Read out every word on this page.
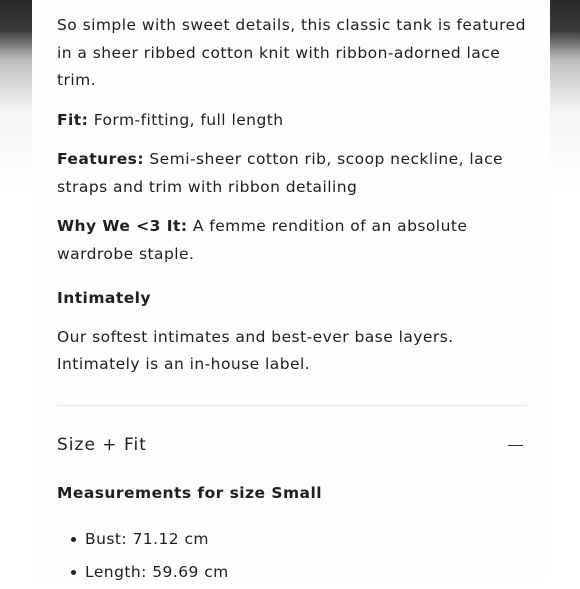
So simple with sweet details, this classic tank is featured in a sheer ribbed cotton knit with ribbon-adorned lace trim.

Fit: Form-fitting, full length

Features: Semi-sheer cotton rib, scoop neckline, lace straps and trim with ribbon detailing

Why We <3 It: A femme rendition of an absolute wardrobe staple.

Intimately

Our softest intimates and best-ever base layers. Intimately is an in-house label.

Size + Fit
Measurements for size Small
Bust: 71.12 cm
Length: 59.69 cm
